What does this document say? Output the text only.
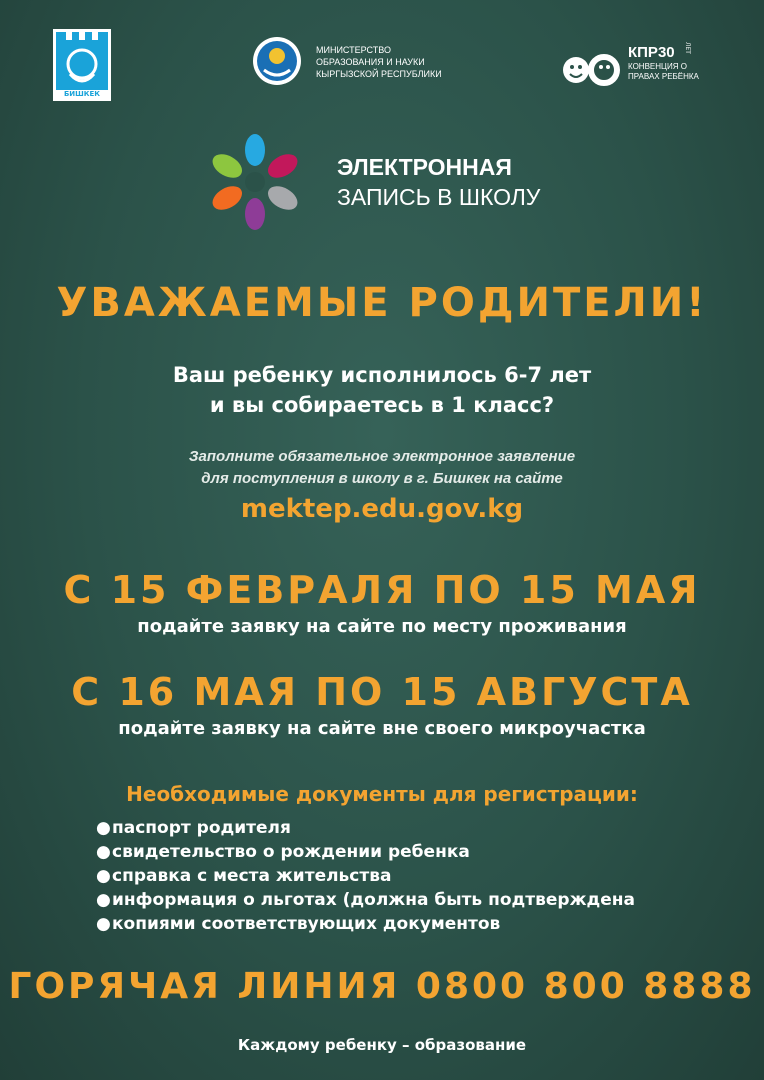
БИШКЕК
МИНИСТЕРСТВО
ОБРАЗОВАНИЯ И НАУКИ
КЫРГЫЗСКОЙ РЕСПУБЛИКИ
КПР30 ЛЕТ
КОНВЕНЦИЯ О
ПРАВАХ РЕБЁНКА
ЭЛЕКТРОННАЯ
ЗАПИСЬ В ШКОЛУ
УВАЖАЕМЫЕ РОДИТЕЛИ!
Ваш ребенку исполнилось 6-7 лет
и вы собираетесь в 1 класс?
Заполните обязательное электронное заявление
для поступления в школу в г. Бишкек на сайте
mektep.edu.gov.kg
С 15 ФЕВРАЛЯ ПО 15 МАЯ
подайте заявку на сайте по месту проживания
С 16 МАЯ ПО 15 АВГУСТА
подайте заявку на сайте вне своего микроучастка
Необходимые документы для регистрации:
●паспорт родителя
●свидетельство о рождении ребенка
●справка с места жительства
●информация о льготах (должна быть подтверждена
●копиями соответствующих документов
ГОРЯЧАЯ ЛИНИЯ 0800 800 8888
Каждому ребенку – образование
